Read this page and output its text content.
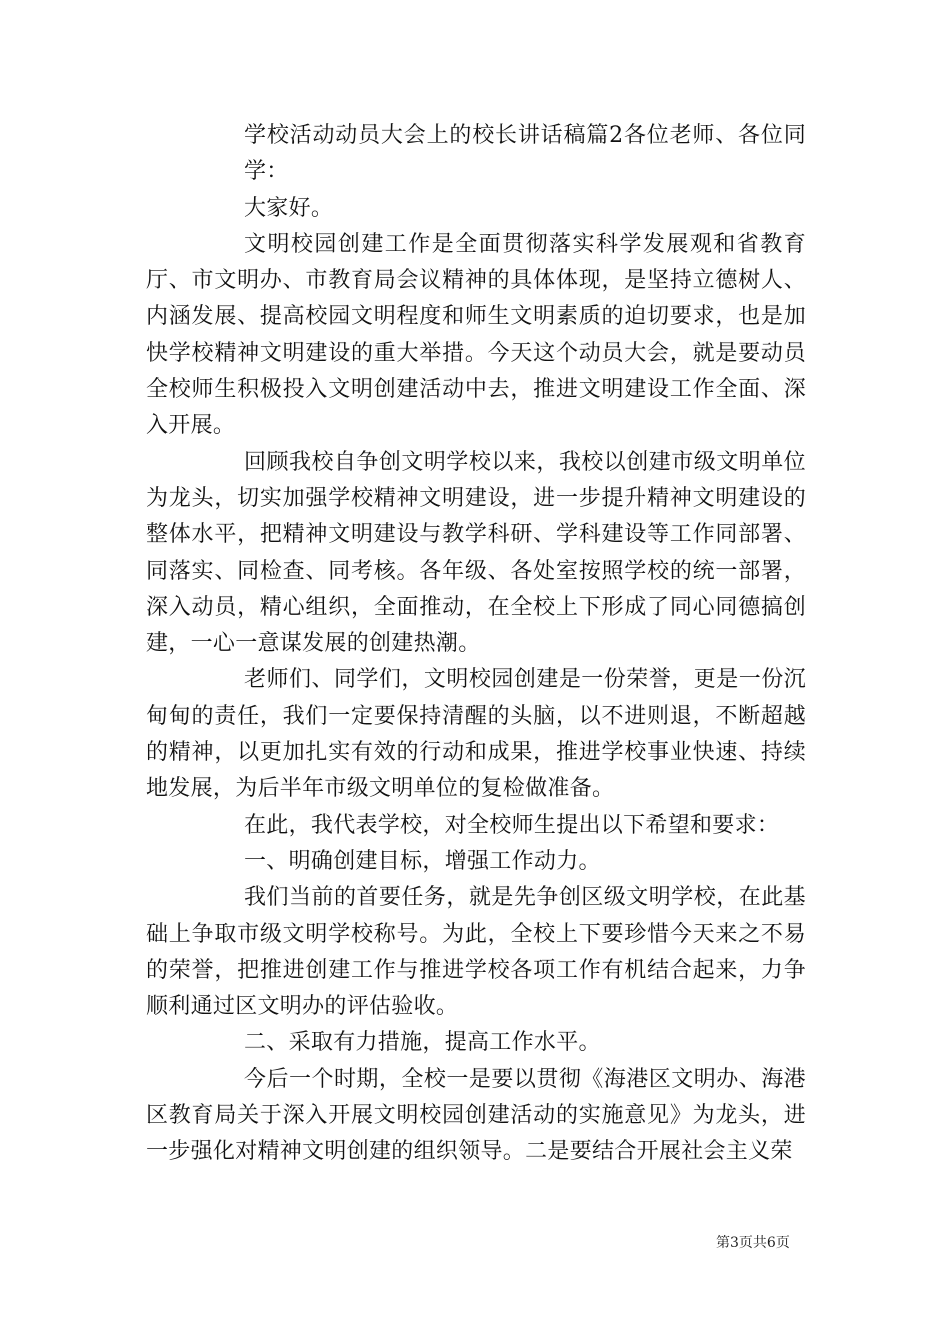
学校活动动员大会上的校长讲话稿篇2各位老师、各位同学：

大家好。

文明校园创建工作是全面贯彻落实科学发展观和省教育厅、市文明办、市教育局会议精神的具体体现，是坚持立德树人、内涵发展、提高校园文明程度和师生文明素质的迫切要求，也是加快学校精神文明建设的重大举措。今天这个动员大会，就是要动员全校师生积极投入文明创建活动中去，推进文明建设工作全面、深入开展。

回顾我校自争创文明学校以来，我校以创建市级文明单位为龙头，切实加强学校精神文明建设，进一步提升精神文明建设的整体水平，把精神文明建设与教学科研、学科建设等工作同部署、同落实、同检查、同考核。各年级、各处室按照学校的统一部署，深入动员，精心组织，全面推动，在全校上下形成了同心同德搞创建，一心一意谋发展的创建热潮。

老师们、同学们，文明校园创建是一份荣誉，更是一份沉甸甸的责任，我们一定要保持清醒的头脑，以不进则退，不断超越的精神，以更加扎实有效的行动和成果，推进学校事业快速、持续地发展，为后半年市级文明单位的复检做准备。

在此，我代表学校，对全校师生提出以下希望和要求：

一、明确创建目标，增强工作动力。

我们当前的首要任务，就是先争创区级文明学校，在此基础上争取市级文明学校称号。为此，全校上下要珍惜今天来之不易的荣誉，把推进创建工作与推进学校各项工作有机结合起来，力争顺利通过区文明办的评估验收。

二、采取有力措施，提高工作水平。

今后一个时期，全校一是要以贯彻《海港区文明办、海港区教育局关于深入开展文明校园创建活动的实施意见》为龙头，进一步强化对精神文明创建的组织领导。二是要结合开展社会主义荣

第3页共6页
